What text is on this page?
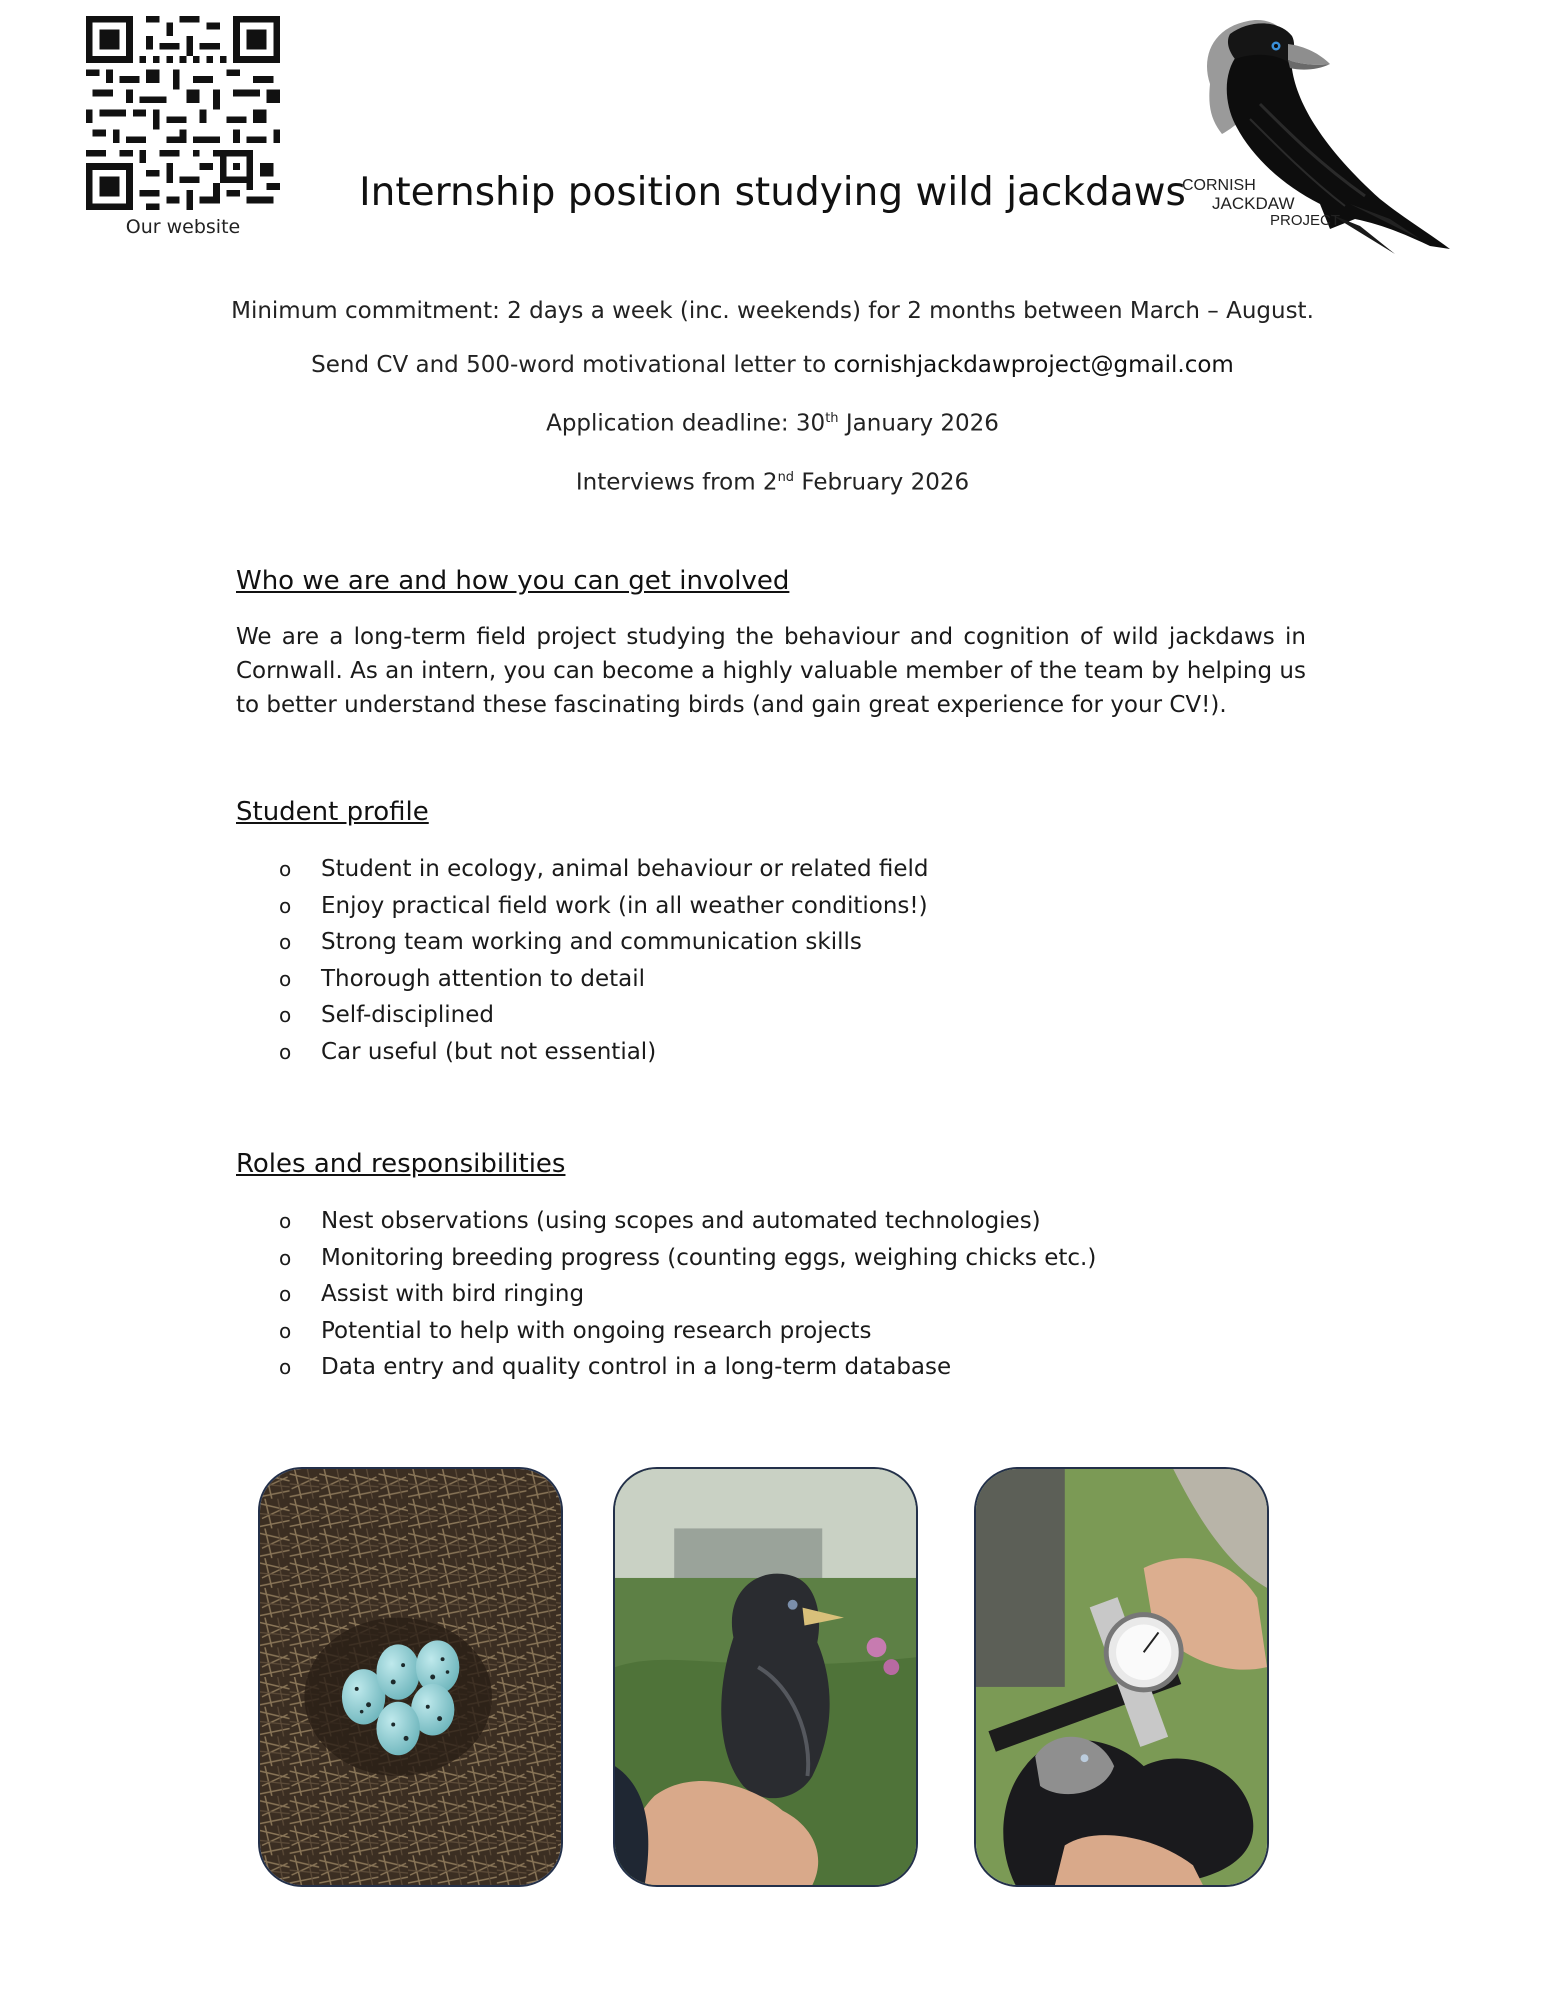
Our website
Internship position studying wild jackdaws
CORNISH
JACKDAW
PROJECT

Minimum commitment: 2 days a week (inc. weekends) for 2 months between March – August.

Send CV and 500-word motivational letter to cornishjackdawproject@gmail.com

Application deadline: 30th January 2026

Interviews from 2nd February 2026

Who we are and how you can get involved

We are a long-term field project studying the behaviour and cognition of wild jackdaws in Cornwall. As an intern, you can become a highly valuable member of the team by helping us to better understand these fascinating birds (and gain great experience for your CV!).

Student profile
o	Student in ecology, animal behaviour or related field
o	Enjoy practical field work (in all weather conditions!)
o	Strong team working and communication skills
o	Thorough attention to detail
o	Self-disciplined
o	Car useful (but not essential)
Roles and responsibilities
o	Nest observations (using scopes and automated technologies)
o	Monitoring breeding progress (counting eggs, weighing chicks etc.)
o	Assist with bird ringing
o	Potential to help with ongoing research projects
o	Data entry and quality control in a long-term database
